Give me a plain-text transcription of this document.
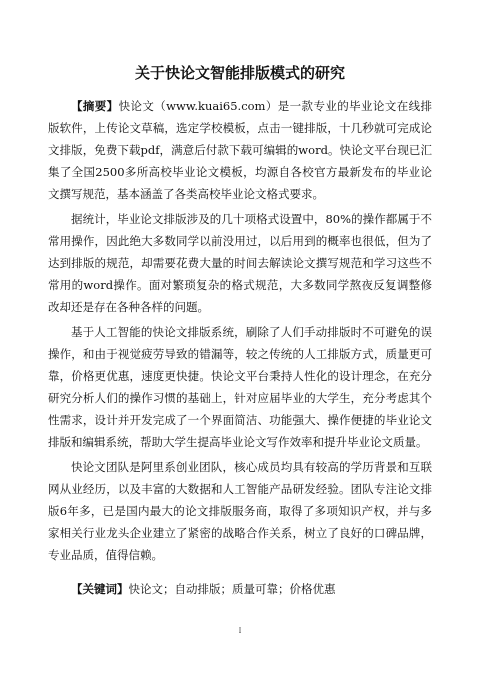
关于快论文智能排版模式的研究

【摘要】快论文（www.kuai65.com）是一款专业的毕业论文在线排版软件，上传论文草稿，选定学校模板，点击一键排版，十几秒就可完成论文排版，免费下载pdf，满意后付款下载可编辑的word。快论文平台现已汇集了全国2500多所高校毕业论文模板，均源自各校官方最新发布的毕业论文撰写规范，基本涵盖了各类高校毕业论文格式要求。

据统计，毕业论文排版涉及的几十项格式设置中，80%的操作都属于不常用操作，因此绝大多数同学以前没用过，以后用到的概率也很低，但为了达到排版的规范，却需要花费大量的时间去解读论文撰写规范和学习这些不常用的word操作。面对繁琐复杂的格式规范，大多数同学熬夜反复调整修改却还是存在各种各样的问题。

基于人工智能的快论文排版系统，刷除了人们手动排版时不可避免的误操作，和由于视觉疲劳导致的错漏等，较之传统的人工排版方式，质量更可靠，价格更优惠，速度更快捷。快论文平台秉持人性化的设计理念，在充分研究分析人们的操作习惯的基础上，针对应届毕业的大学生，充分考虑其个性需求，设计并开发完成了一个界面简洁、功能强大、操作便捷的毕业论文排版和编辑系统，帮助大学生提高毕业论文写作效率和提升毕业论文质量。

快论文团队是阿里系创业团队，核心成员均具有较高的学历背景和互联网从业经历，以及丰富的大数据和人工智能产品研发经验。团队专注论文排版6年多，已是国内最大的论文排版服务商，取得了多项知识产权，并与多家相关行业龙头企业建立了紧密的战略合作关系，树立了良好的口碑品牌，专业品质，值得信赖。

【关键词】快论文；自动排版；质量可靠；价格优惠

I
